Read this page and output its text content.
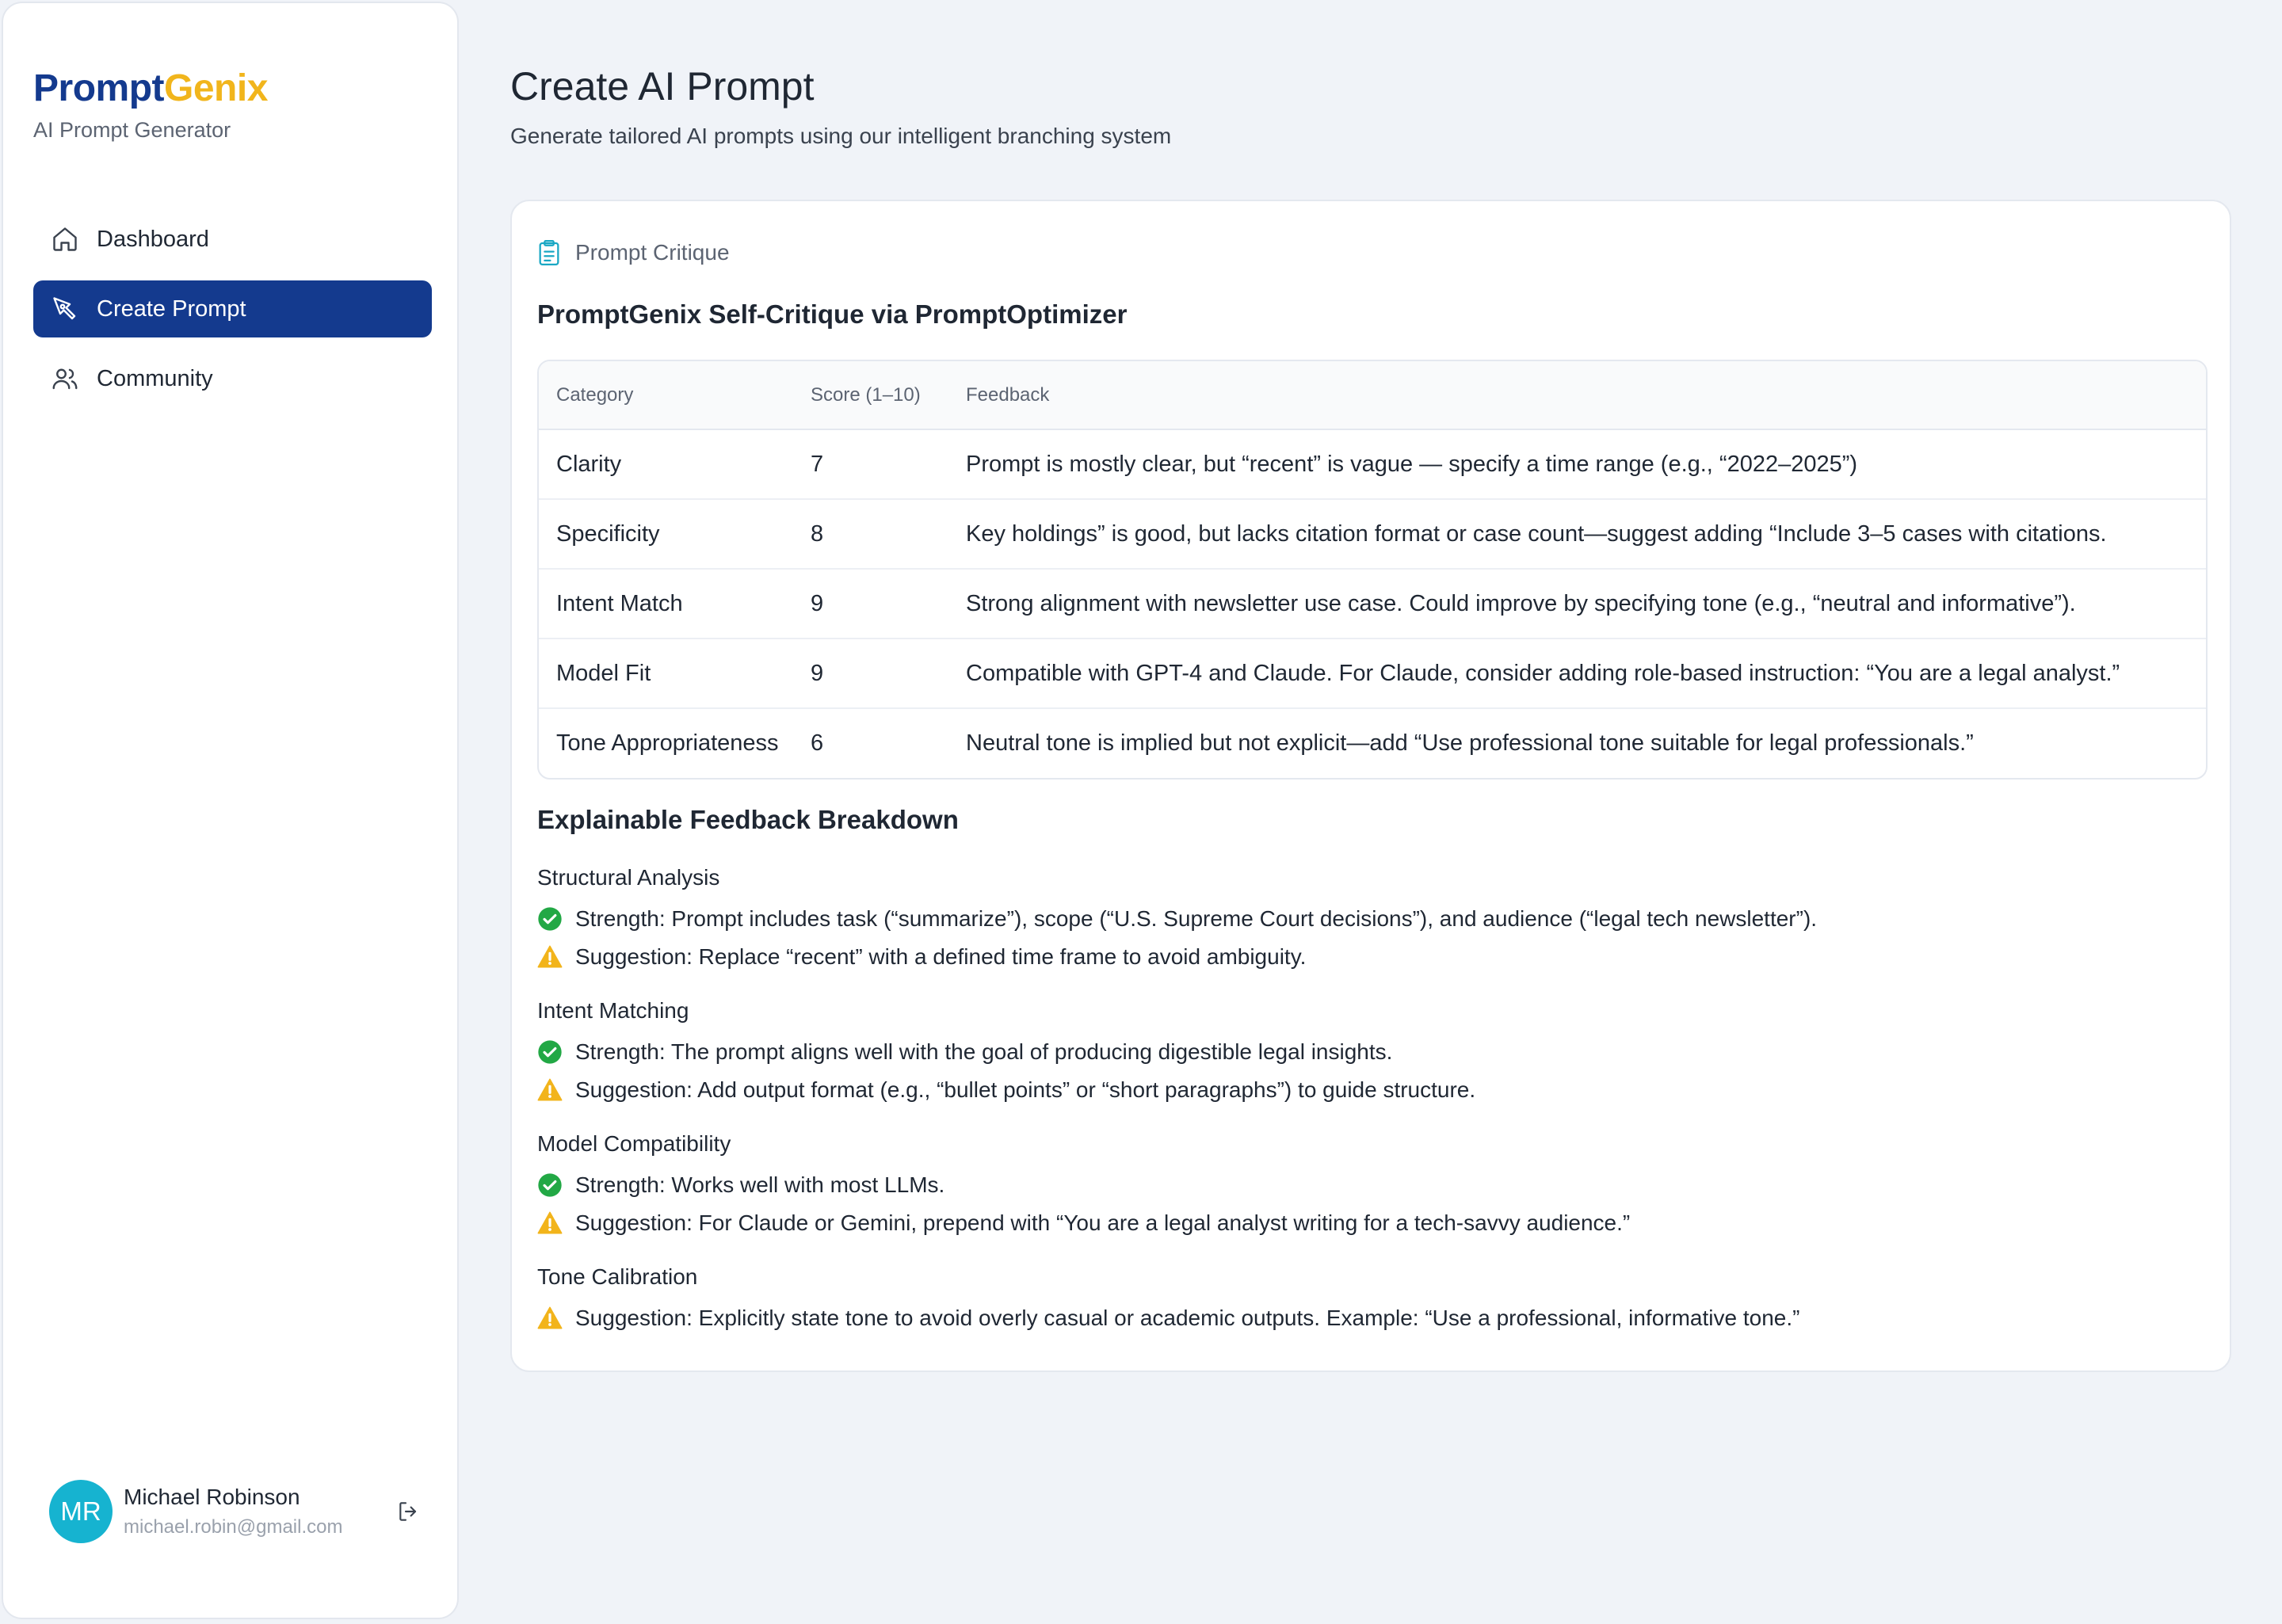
PromptGenix
AI Prompt Generator
Dashboard
Create Prompt
Community
MR	Michael Robinson
michael.robin@gmail.com
Create AI Prompt

Generate tailored AI prompts using our intelligent branching system

Prompt Critique
PromptGenix Self-Critique via PromptOptimizer
Category	Score (1–10)	Feedback
Clarity	7	Prompt is mostly clear, but “recent” is vague — specify a time range (e.g., “2022–2025”)
Specificity	8	Key holdings” is good, but lacks citation format or case count—suggest adding “Include 3–5 cases with citations.
Intent Match	9	Strong alignment with newsletter use case. Could improve by specifying tone (e.g., “neutral and informative”).
Model Fit	9	Compatible with GPT-4 and Claude. For Claude, consider adding role-based instruction: “You are a legal analyst.”
Tone Appropriateness	6	Neutral tone is implied but not explicit—add “Use professional tone suitable for legal professionals.”
Explainable Feedback Breakdown
Structural Analysis
Strength: Prompt includes task (“summarize”), scope (“U.S. Supreme Court decisions”), and audience (“legal tech newsletter”).
Suggestion: Replace “recent” with a defined time frame to avoid ambiguity.
Intent Matching
Strength: The prompt aligns well with the goal of producing digestible legal insights.
Suggestion: Add output format (e.g., “bullet points” or “short paragraphs”) to guide structure.
Model Compatibility
Strength: Works well with most LLMs.
Suggestion: For Claude or Gemini, prepend with “You are a legal analyst writing for a tech-savvy audience.”
Tone Calibration
Suggestion: Explicitly state tone to avoid overly casual or academic outputs. Example: “Use a professional, informative tone.”
